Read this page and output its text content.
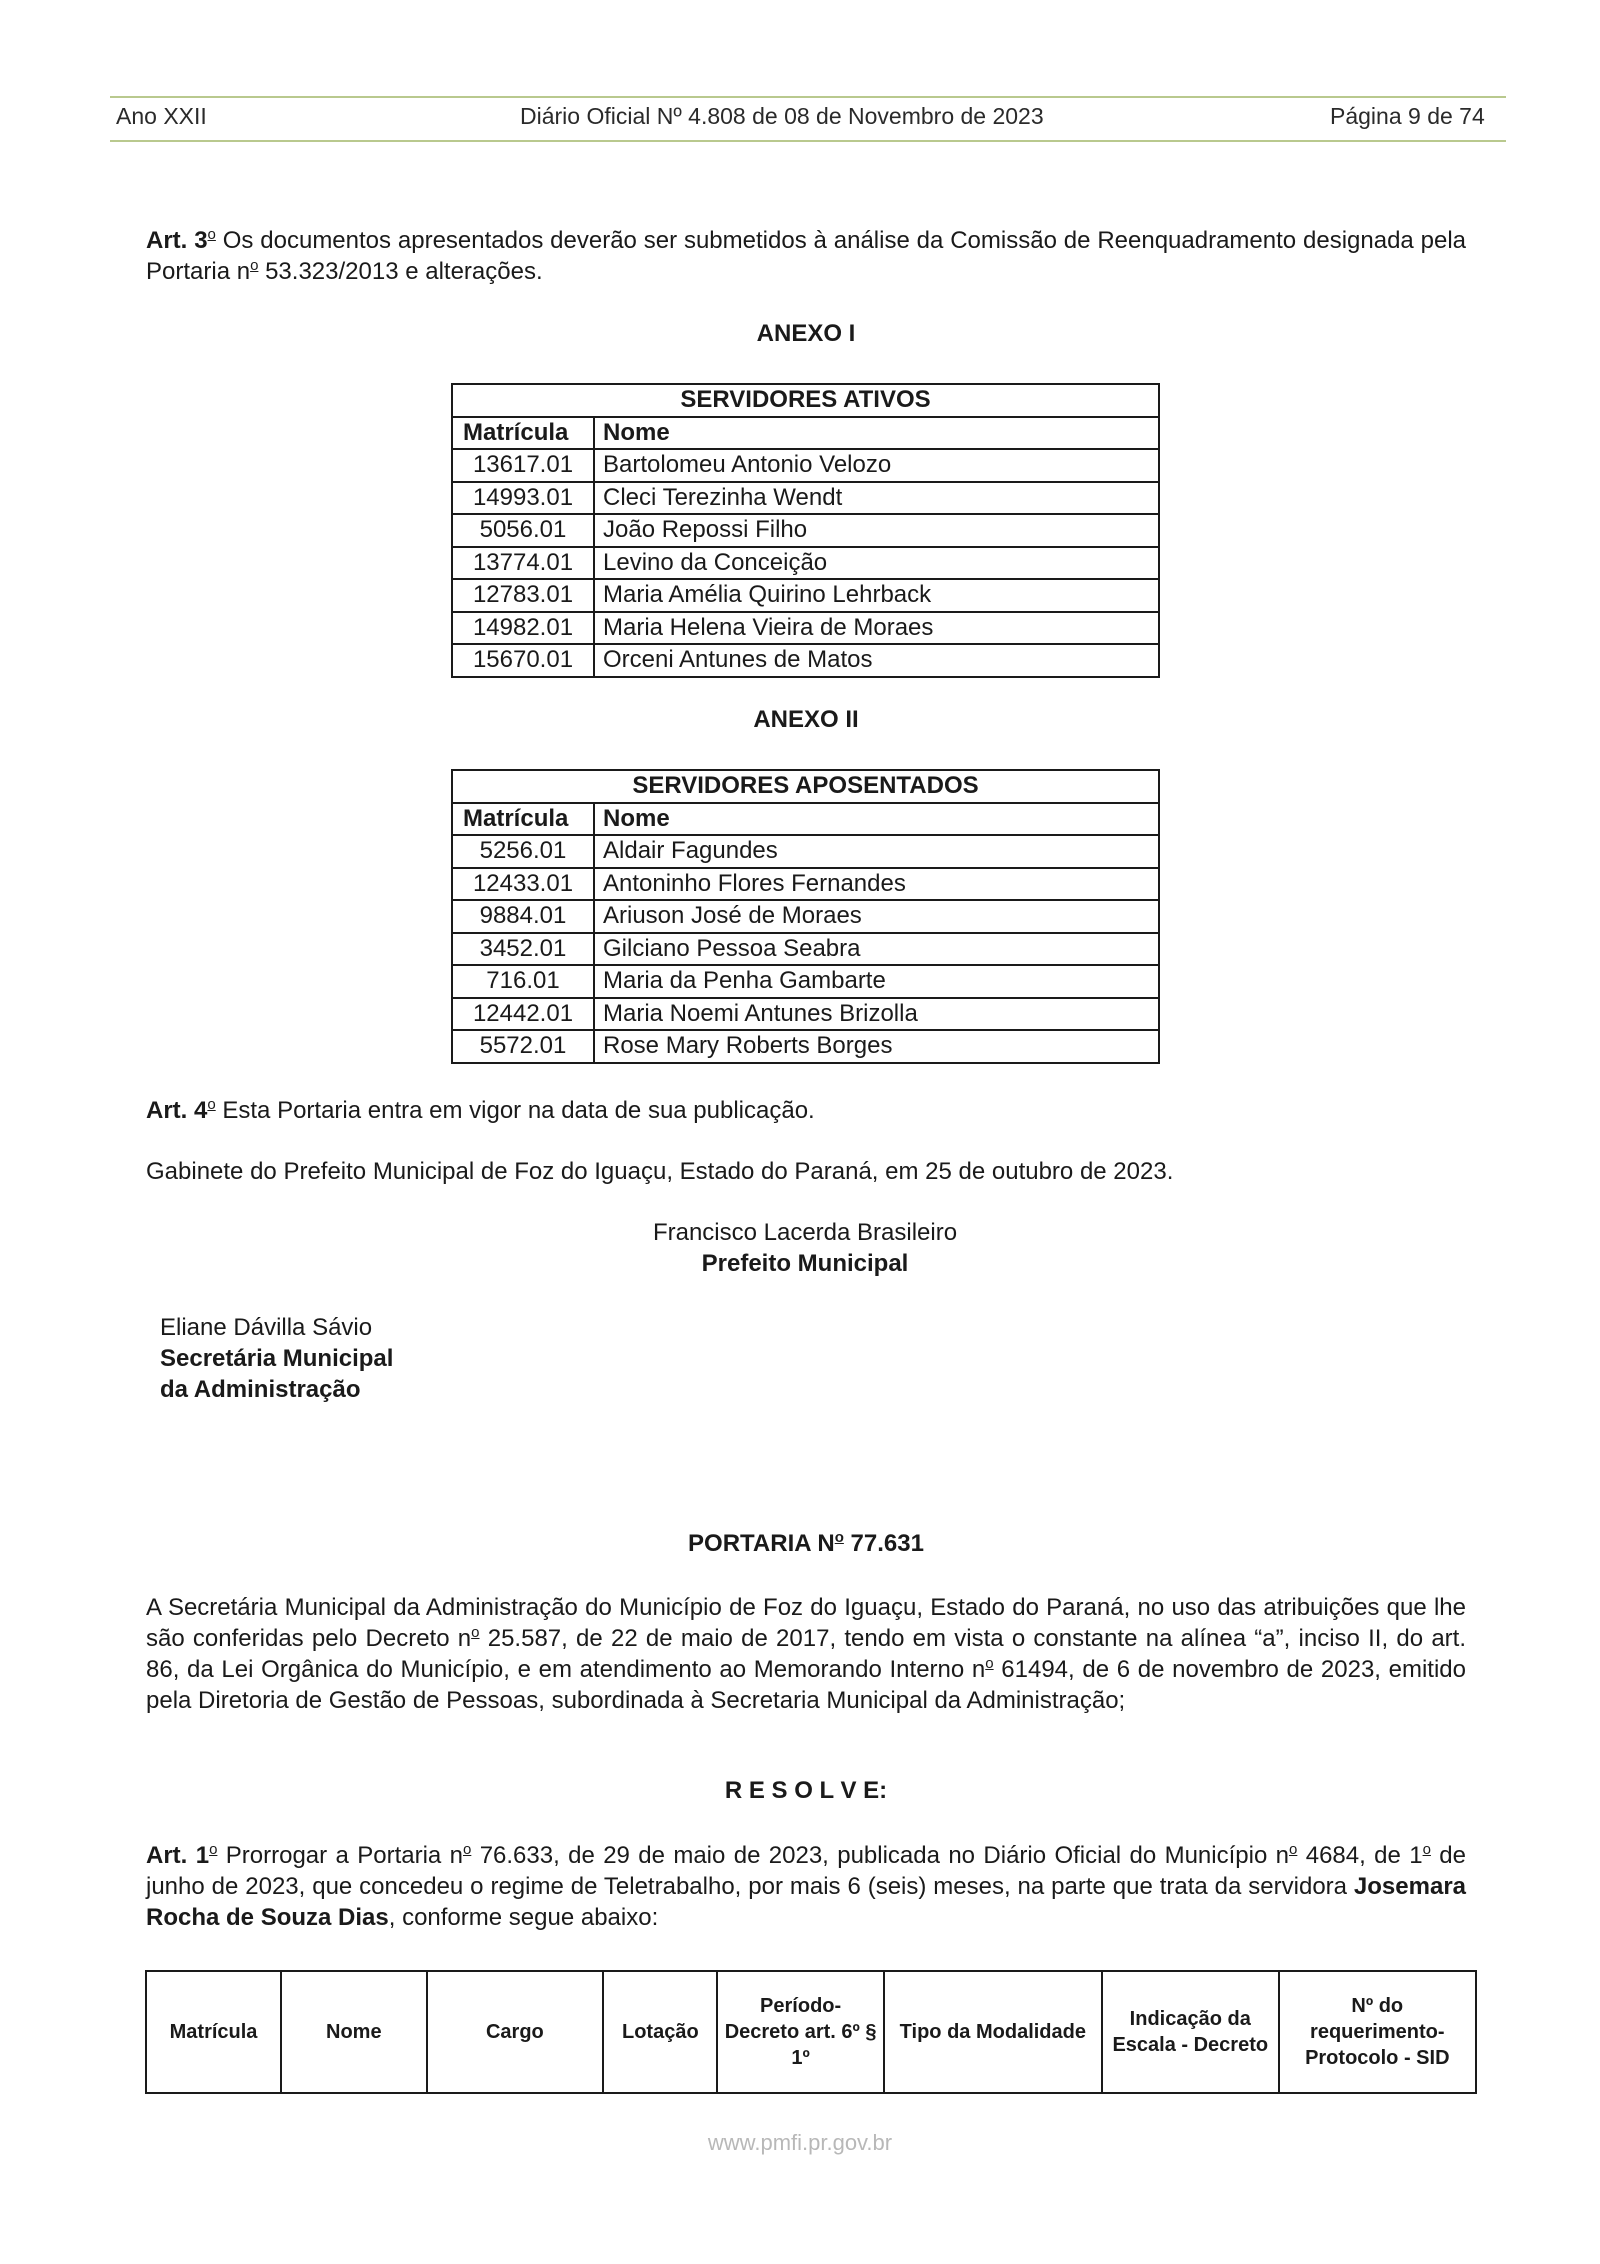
Ano XXII	Diário Oficial Nº 4.808 de 08 de Novembro de 2023	Página 9 de 74
Art. 3$^o$ Os documentos apresentados deverão ser submetidos à análise da Comissão de Reenquadramento designada pela Portaria $n^o$ 53.323/2013 e alterações.
ANEXO I
SERVIDORES ATIVOS	
Matrícula	Nome
13617.01	Bartolomeu Antonio Velozo
14993.01	Cleci Terezinha Wendt
5056.01	João Repossi Filho
13774.01	Levino da Conceição
12783.01	Maria Amélia Quirino Lehrback
14982.01	Maria Helena Vieira de Moraes
15670.01	Orceni Antunes de Matos
ANEXO II
SERVIDORES APOSENTADOS	
Matrícula	Nome
5256.01	Aldair Fagundes
12433.01	Antoninho Flores Fernandes
9884.01	Ariuson José de Moraes
3452.01	Gilciano Pessoa Seabra
716.01	Maria da Penha Gambarte
12442.01	Maria Noemi Antunes Brizolla
5572.01	Rose Mary Roberts Borges
Art. 4$^o$ Esta Portaria entra em vigor na data de sua publicação.
Gabinete do Prefeito Municipal de Foz do Iguaçu, Estado do Paraná, em 25 de outubro de 2023.
Francisco Lacerda Brasileiro
Prefeito Municipal
Eliane Dávilla Sávio
Secretária Municipal
da Administração
PORTARIA $N^o$ 77.631
A Secretária Municipal da Administração do Município de Foz do Iguaçu, Estado do Paraná, no uso das atribuições que lhe são conferidas pelo Decreto $n^o$ 25.587, de 22 de maio de 2017, tendo em vista o constante na alínea “a”, inciso II, do art. 86, da Lei Orgânica do Município, e em atendimento ao Memorando Interno $n^o$ 61494, de 6 de novembro de 2023, emitido pela Diretoria de Gestão de Pessoas, subordinada à Secretaria Municipal da Administração;
R E S O L V E:
Art. 1$^o$ Prorrogar a Portaria $n^o$ 76.633, de 29 de maio de 2023, publicada no Diário Oficial do Município $n^o$ 4684, de 1$^o$ de junho de 2023, que concedeu o regime de Teletrabalho, por mais 6 (seis) meses, na parte que trata da servidora Josemara Rocha de Souza Dias, conforme segue abaixo:
Matrícula	Nome	Cargo	Lotação	Período- Decreto art. 6º § 1º	Tipo da Modalidade	Indicação da Escala - Decreto	Nº do requerimento- Protocolo - SID
www.pmfi.pr.gov.br
